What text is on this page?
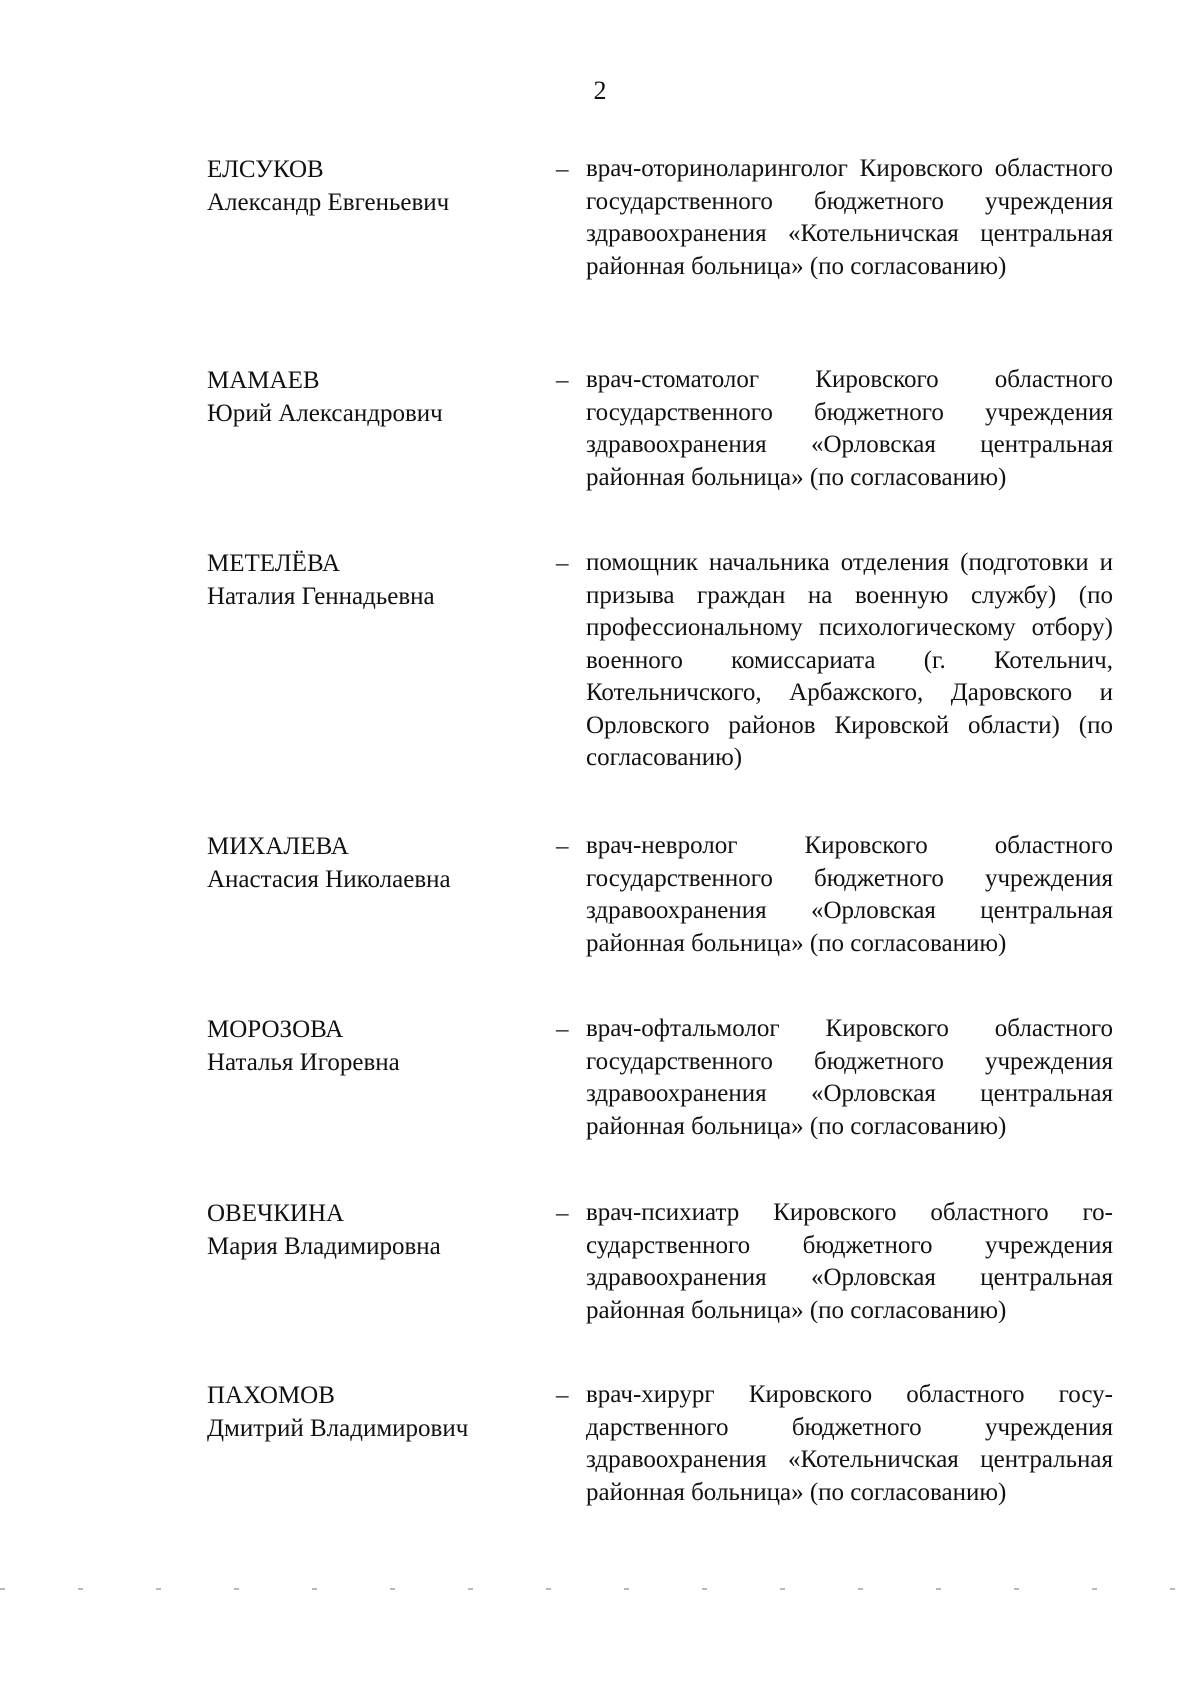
2
ЕЛСУКОВ
Александр Евгеньевич
– врач-оториноларинголог Кировского областного государственного бюджетного учреждения здравоохранения «Котельничская центральная районная больница» (по согласованию)

МАМАЕВ
Юрий Александрович
– врач-стоматолог Кировского областного государственного бюджетного учреждения здравоохранения «Орловская центральная районная больница» (по согласованию)

МЕТЕЛЁВА
Наталия Геннадьевна
– помощник начальника отделения (подготовки и призыва граждан на военную службу) (по профессиональному психологическому отбору) военного комиссариата (г. Котельнич, Котельничского, Арбажского, Даровского и Орловского районов Кировской области) (по согласованию)

МИХАЛЕВА
Анастасия Николаевна
– врач-невролог Кировского областного государственного бюджетного учреждения здравоохранения «Орловская центральная районная больница» (по согласованию)

МОРОЗОВА
Наталья Игоревна
– врач-офтальмолог Кировского областного государственного бюджетного учреждения здравоохранения «Орловская центральная районная больница» (по согласованию)

ОВЕЧКИНА
Мария Владимировна
– врач-психиатр Кировского областного государственного бюджетного учреждения здравоохранения «Орловская центральная районная больница» (по согласованию)

ПАХОМОВ
Дмитрий Владимирович
– врач-хирург Кировского областного государственного бюджетного учреждения здравоохранения «Котельничская центральная районная больница» (по согласованию)
